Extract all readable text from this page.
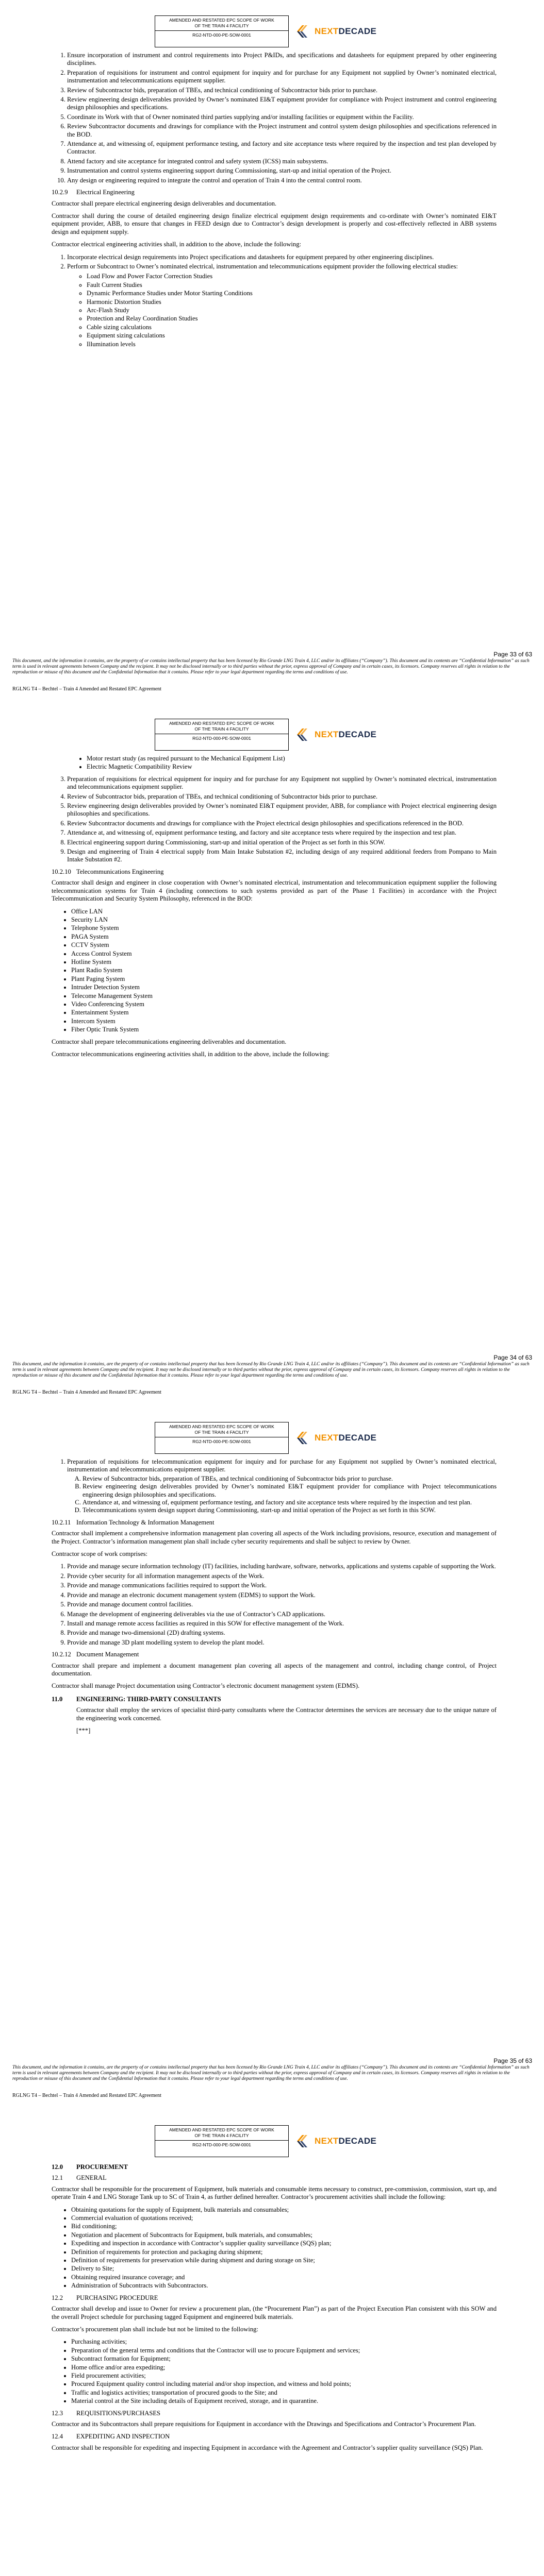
AMENDED AND RESTATED EPC SCOPE OF WORK
OF THE TRAIN 4 FACILITY
RG2-NTD-000-PE-SOW-0001	NEXTDECADE
1. Ensure incorporation of instrument and control requirements into Project P&IDs, and specifications and datasheets for equipment prepared by other engineering disciplines.
2. Preparation of requisitions for instrument and control equipment for inquiry and for purchase for any Equipment not supplied by Owner’s nominated electrical, instrumentation and telecommunications equipment supplier.
3. Review of Subcontractor bids, preparation of TBEs, and technical conditioning of Subcontractor bids prior to purchase.
4. Review engineering design deliverables provided by Owner’s nominated EI&T equipment provider for compliance with Project instrument and control engineering design philosophies and specifications.
5. Coordinate its Work with that of Owner nominated third parties supplying and/or installing facilities or equipment within the Facility.
6. Review Subcontractor documents and drawings for compliance with the Project instrument and control system design philosophies and specifications referenced in the BOD.
7. Attendance at, and witnessing of, equipment performance testing, and factory and site acceptance tests where required by the inspection and test plan developed by Contractor.
8. Attend factory and site acceptance for integrated control and safety system (ICSS) main subsystems.
9. Instrumentation and control systems engineering support during Commissioning, start-up and initial operation of the Project.
10. Any design or engineering required to integrate the control and operation of Train 4 into the central control room.
10.2.9	Electrical Engineering

Contractor shall prepare electrical engineering design deliverables and documentation.

Contractor shall during the course of detailed engineering design finalize electrical equipment design requirements and co-ordinate with Owner’s nominated EI&T equipment provider, ABB, to ensure that changes in FEED design due to Contractor’s design development is properly and cost-effectively reflected in ABB systems design and equipment supply.

Contractor electrical engineering activities shall, in addition to the above, include the following:

1. Incorporate electrical design requirements into Project specifications and datasheets for equipment prepared by other engineering disciplines.
2. Perform or Subcontract to Owner’s nominated electrical, instrumentation and telecommunications equipment provider the following electrical studies:
◦ Load Flow and Power Factor Correction Studies
◦ Fault Current Studies
◦ Dynamic Performance Studies under Motor Starting Conditions
◦ Harmonic Distortion Studies
◦ Arc-Flash Study
◦ Protection and Relay Coordination Studies
◦ Cable sizing calculations
◦ Equipment sizing calculations
◦ Illumination levels
Page 33 of 63

This document, and the information it contains, are the property of or contains intellectual property that has been licensed by Rio Grande LNG Train 4, LLC and/or its affiliates (“Company”). This document and its contents are “Confidential Information” as such term is used in relevant agreements between Company and the recipient. It may not be disclosed internally or to third parties without the prior, express approval of Company and in certain cases, its licensors. Company reserves all rights in relation to the reproduction or misuse of this document and the Confidential Information that it contains. Please refer to your legal department regarding the terms and conditions of use.

RGLNG T4 – Bechtel – Train 4 Amended and Restated EPC Agreement
AMENDED AND RESTATED EPC SCOPE OF WORK
OF THE TRAIN 4 FACILITY
RG2-NTD-000-PE-SOW-0001	NEXTDECADE
• Motor restart study (as required pursuant to the Mechanical Equipment List)
• Electric Magnetic Compatibility Review
3. Preparation of requisitions for electrical equipment for inquiry and for purchase for any Equipment not supplied by Owner’s nominated electrical, instrumentation and telecommunications equipment supplier.
4. Review of Subcontractor bids, preparation of TBEs, and technical conditioning of Subcontractor bids prior to purchase.
5. Review engineering design deliverables provided by Owner’s nominated EI&T equipment provider, ABB, for compliance with Project electrical engineering design philosophies and specifications.
6. Review Subcontractor documents and drawings for compliance with the Project electrical design philosophies and specifications referenced in the BOD.
7. Attendance at, and witnessing of, equipment performance testing, and factory and site acceptance tests where required by the inspection and test plan.
8. Electrical engineering support during Commissioning, start-up and initial operation of the Project as set forth in this SOW.
9. Design and engineering of Train 4 electrical supply from Main Intake Substation #2, including design of any required additional feeders from Pompano to Main Intake Substation #2.
10.2.10 Telecommunications Engineering

Contractor shall design and engineer in close cooperation with Owner’s nominated electrical, instrumentation and telecommunication equipment supplier the following telecommunication systems for Train 4 (including connections to such systems provided as part of the Phase 1 Facilities) in accordance with the Project Telecommunication and Security System Philosophy, referenced in the BOD:

• Office LAN
• Security LAN
• Telephone System
• PAGA System
• CCTV System
• Access Control System
• Hotline System
• Plant Radio System
• Plant Paging System
• Intruder Detection System
• Telecome Management System
• Video Conferencing System
• Entertainment System
• Intercom System
• Fiber Optic Trunk System

Contractor shall prepare telecommunications engineering deliverables and documentation.

Contractor telecommunications engineering activities shall, in addition to the above, include the following:

Page 34 of 63

This document, and the information it contains, are the property of or contains intellectual property that has been licensed by Rio Grande LNG Train 4, LLC and/or its affiliates (“Company”). This document and its contents are “Confidential Information” as such term is used in relevant agreements between Company and the recipient. It may not be disclosed internally or to third parties without the prior, express approval of Company and in certain cases, its licensors. Company reserves all rights in relation to the reproduction or misuse of this document and the Confidential Information that it contains. Please refer to your legal department regarding the terms and conditions of use.

RGLNG T4 – Bechtel – Train 4 Amended and Restated EPC Agreement
AMENDED AND RESTATED EPC SCOPE OF WORK
OF THE TRAIN 4 FACILITY
RG2-NTD-000-PE-SOW-0001	NEXTDECADE
1. Preparation of requisitions for telecommunication equipment for inquiry and for purchase for any Equipment not supplied by Owner’s nominated electrical, instrumentation and telecommunications equipment supplier.
A. Review of Subcontractor bids, preparation of TBEs, and technical conditioning of Subcontractor bids prior to purchase.
B. Review engineering design deliverables provided by Owner’s nominated EI&T equipment provider for compliance with Project telecommunications engineering design philosophies and specifications.
C. Attendance at, and witnessing of, equipment performance testing, and factory and site acceptance tests where required by the inspection and test plan.
D. Telecommunications system design support during Commissioning, start-up and initial operation of the Project as set forth in this SOW.
10.2.11 Information Technology & Information Management

Contractor shall implement a comprehensive information management plan covering all aspects of the Work including provisions, resource, execution and management of the Project. Contractor’s information management plan shall include cyber security requirements and shall be subject to review by Owner.

Contractor scope of work comprises:

1. Provide and manage secure information technology (IT) facilities, including hardware, software, networks, applications and systems capable of supporting the Work.
2. Provide cyber security for all information management aspects of the Work.
3. Provide and manage communications facilities required to support the Work.
4. Provide and manage an electronic document management system (EDMS) to support the Work.
5. Provide and manage document control facilities.
6. Manage the development of engineering deliverables via the use of Contractor’s CAD applications.
7. Install and manage remote access facilities as required in this SOW for effective management of the Work.
8. Provide and manage two-dimensional (2D) drafting systems.
9. Provide and manage 3D plant modelling system to develop the plant model.
10.2.12 Document Management

Contractor shall prepare and implement a document management plan covering all aspects of the management and control, including change control, of Project documentation.

Contractor shall manage Project documentation using Contractor’s electronic document management system (EDMS).

11.0	ENGINEERING: THIRD-PARTY CONSULTANTS

Contractor shall employ the services of specialist third-party consultants where the Contractor determines the services are necessary due to the unique nature of the engineering work concerned.

[***]

Page 35 of 63

This document, and the information it contains, are the property of or contains intellectual property that has been licensed by Rio Grande LNG Train 4, LLC and/or its affiliates (“Company”). This document and its contents are “Confidential Information” as such term is used in relevant agreements between Company and the recipient. It may not be disclosed internally or to third parties without the prior, express approval of Company and in certain cases, its licensors. Company reserves all rights in relation to the reproduction or misuse of this document and the Confidential Information that it contains. Please refer to your legal department regarding the terms and conditions of use.

RGLNG T4 – Bechtel – Train 4 Amended and Restated EPC Agreement
AMENDED AND RESTATED EPC SCOPE OF WORK
OF THE TRAIN 4 FACILITY
RG2-NTD-000-PE-SOW-0001	NEXTDECADE
12.0	PROCUREMENT
12.1	GENERAL

Contractor shall be responsible for the procurement of Equipment, bulk materials and consumable items necessary to construct, pre-commission, commission, start up, and operate Train 4 and LNG Storage Tank up to SC of Train 4, as further defined hereafter. Contractor’s procurement activities shall include the following:

• Obtaining quotations for the supply of Equipment, bulk materials and consumables;
• Commercial evaluation of quotations received;
• Bid conditioning;
• Negotiation and placement of Subcontracts for Equipment, bulk materials, and consumables;
• Expediting and inspection in accordance with Contractor’s supplier quality surveillance (SQS) plan;
• Definition of requirements for protection and packaging during shipment;
• Definition of requirements for preservation while during shipment and during storage on Site;
• Delivery to Site;
• Obtaining required insurance coverage; and
• Administration of Subcontracts with Subcontractors.
12.2	PURCHASING PROCEDURE

Contractor shall develop and issue to Owner for review a procurement plan, (the “Procurement Plan”) as part of the Project Execution Plan consistent with this SOW and the overall Project schedule for purchasing tagged Equipment and engineered bulk materials.

Contractor’s procurement plan shall include but not be limited to the following:

• Purchasing activities;
• Preparation of the general terms and conditions that the Contractor will use to procure Equipment and services;
• Subcontract formation for Equipment;
• Home office and/or area expediting;
• Field procurement activities;
• Procured Equipment quality control including material and/or shop inspection, and witness and hold points;
• Traffic and logistics activities; transportation of procured goods to the Site; and
• Material control at the Site including details of Equipment received, storage, and in quarantine.
12.3	REQUISITIONS/PURCHASES

Contractor and its Subcontractors shall prepare requisitions for Equipment in accordance with the Drawings and Specifications and Contractor’s Procurement Plan.

12.4	EXPEDITING AND INSPECTION

Contractor shall be responsible for expediting and inspecting Equipment in accordance with the Agreement and Contractor’s supplier quality surveillance (SQS) Plan.
